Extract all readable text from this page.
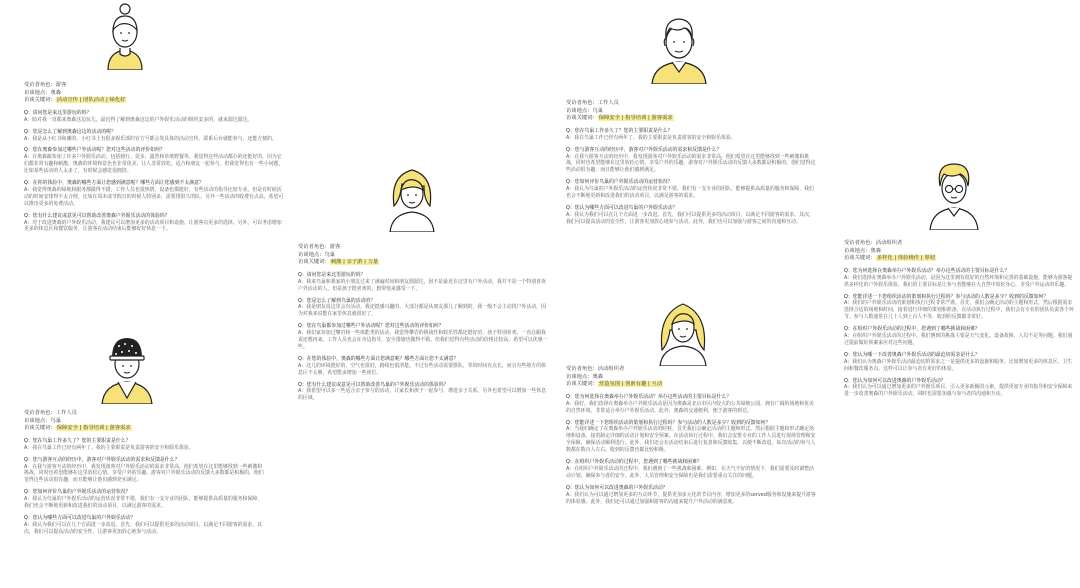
受访者角色：游客
访谈地点：奥森
访谈关键词：活动宣传 | 团队活动 | 绿化好
Q：请问您是来这里游玩的吗？
A：暗对我一直都来奥森这边玩儿，最近得了解到奥森这边的户外娱乐活动的组织安多的，就来溜达溜达。
Q：您是怎么了解到奥森这边的活动的呢？
A：我是从小红书和潮的。小红书上有很多娱乐部的官方号都会发具体的活动宣传，联系后台就能参与，还能方便的。
Q：您在奥森参加过哪些户外活动呢？您对这些活动的评价如何？
A：在奥森跟参加了许多户外娱乐活动，包括骑行、徒步、露营和草地野餐等。我觉得这些活动都办的还挺好的，因为它们都非常有趣和刺激，奥森的环境和景色也非常优美，让人非常放松，适合和朋友一起参与。但我觉得也有一些小问题，比如某些活动的人太多了，有时候会感觉很拥挤。
Q：在你的体验中，奥森的哪些方面让您感到满意呢？哪些方面让您感到不太满意？
A：我觉得奥森的绿地和服务都做得不错，工作人员也很热情，设备也都挺好，有些活动的指导比较专业。但是有时候活动的时间安排得不太合理，比如在周末或节假日的时候人特别多，需要排很久的队。另外一些活动的收费有点高，希望可以推出更多的免费活动。
Q：您有什么建议或意见可以帮助改善奥森户外娱乐活动的体验吗？
A：对于改进奥森的户外娱乐活动，我建议可以增加更多的活动项目和设施，让游客有更多的选择。另外，可以考虑增加更多的休息区和餐饮服务，让游客在活动结束后能够好好休息一下。
受访者角色：工作人员
访谈地点：鸟巢
访谈关键词：保障安全 | 指导培训 | 游客需求
Q：您在鸟巢工作多久了？您的主要职责是什么？
A：我在鸟巢工作已经有两年了。我的主要职责是负责游客的安全和娱乐体验。
Q：您与游客互动的经历中，游客对户外娱乐活动的需求和反馈是什么？
A：在我与游客互动的经历中，我发现游客对户外娱乐活动的需求非常高。他们希望在这里能够找到一些刺激和挑战，同时也希望能够在这里放松心情，享受户外的乐趣。游客对户外娱乐活动的反馈大多数都是积极的，他们觉得这些活动很有趣，而且能够让他们感到充实满足。
Q：您如何评价鸟巢的户外娱乐活动的运营状况？
A：我认为鸟巢的户外娱乐活动的运营状况非常不错，我们有一支专业的团队，能够提供高质量的服务和保障，我们也会不断地更新和改进我们的活动项目，以满足游客的需求。
Q：您认为哪些方面可以改进鸟巢的户外娱乐活动？
A：我认为我们可以在几个方面进一步改进。首先，我们可以提供更多的活动项目，以满足不同游客的需求。其次，我们可以提高活动的安全性，让游客更加放心地参与活动。
受访者角色：游客
访谈地点：鸟巢
访谈关键词：刺激 | 亲子游 | 力量
Q：请问您是来这里游玩的吗？
A：我来鸟巢和我家的小朋友过来了满遍时间和朋友溜溜达，因不是最近在这里有户外活动，我并不是一个特别喜欢户外活动的人，但是孩子挺喜欢的，想带他来感受一下。
Q：您是怎么了解到鸟巢的活动的？
A：我是朋友说这里会有活动，我还挺感兴趣的。大部分都是从朋友那儿了解到的，我一般不会主动找户外活动，因为对我来说能在家里休息就很好了。
Q：您在鸟巢都参加过哪些户外活动呢？您对这些活动的评价如何？
A：我们家参加过攀岩和一些体能类的活动，我觉得攀岩的挑战性和娱乐性都还挺好的，孩子特别喜欢，一直在跟我说还想再来。工作人员也会在旁边指导，安全措施也做得不错。但我们觉得有些活动的价格比较高，希望可以优惠一些。
Q：在您的体验中，奥森的哪些方面让您满意呢？哪些方面让您不太满意？
A：这儿的环境挺好的，空气也很好，路线也很清楚。不过有些活动需要排队，等的时间有点长，而且有些地方的休息区不太够，希望能多增加一些座位。
Q：您有什么建议或意见可以帮助改善鸟巢的户外娱乐活动的体验吗？
A：我希望可以多一些适合亲子参与的活动，让家长和孩子一起参与，增进亲子关系。另外也希望可以增加一些休息的区域。
受访者角色：工作人员
访谈地点：鸟巢
访谈关键词：保障安全 | 指导培训 | 游客需求
Q：您在鸟巢工作多久了？您的主要职责是什么？
A：我在鸟巢工作已经有两年了。我的主要职责是负责游客的安全和娱乐体验。
Q：您与游客互动的经历中，游客对户外娱乐活动的需求和反馈是什么？
A：在我与游客互动的经历中，我发现游客对户外娱乐活动的需求非常高。他们希望在这里能够找到一些刺激和挑战，同时也希望能够在这里放松心情，享受户外的乐趣。游客对户外娱乐活动的反馈大多数都是积极的，他们觉得这些活动很有趣，而且能够让他们感到满足。
Q：您如何评价鸟巢的户外娱乐活动的运营状况？
A：我认为鸟巢的户外娱乐活动的运营状况非常不错，我们有一支专业的团队，能够提供高质量的服务和保障，我们也会不断地更新和改进我们的活动项目，以满足游客的需求。
Q：您认为哪些方面可以改进鸟巢的户外娱乐活动？
A：我认为我们可以在几个方面进一步改进。首先，我们可以提供更多的活动项目，以满足不同游客的需求。其次，我们可以提高活动的安全性，让游客更加放心地参与活动。此外，我们也可以加强与游客之间的沟通和互动。
受访者角色：活动组织者
访谈地点：奥森
访谈关键词：营造氛围 | 创新有趣 | 互动
Q：您为何选择在奥森举办户外娱乐活动？举办这些活动的主要目标是什么？
A：我好，我们选择在奥森举办户外娱乐活动是因为奥森是北京市区内较大的公共绿地公园，拥有广阔的场地和优美的自然环境，非常适合举办户外娱乐活动。此外，奥森的交通便利，便于游客的到达。
Q：您能详述一下您组织活动的策划和执行过程吗？参与活动的人数是多少？收到的反馈如何？
A：当我们确定了在奥森举办户外娱乐活动的时候，首先我们会确定活动的主题和形式，然后根据主题和形式确定场地和设备，接着制定详细的活动计划和安全预案。在活动执行过程中，我们会安排专业的工作人员进行现场管理和安全保障，确保活动顺利进行。此外，我们还会在活动结束后进行复盘和反馈收集，以便不断改进。每次活动的参与人数都在数百人左右，收到的反馈也都比较积极。
Q：在组织户外娱乐活动的过程中，您遇到了哪些挑战和困难？
A：在组织户外娱乐活动的过程中，我们遇到了一些挑战和困难。例如，在天气不好的情况下，我们需要及时调整活动计划，确保参与者的安全。此外，人员管理和安全保障也是我们需要重点关注的问题。
Q：您认为如何可以改进奥森的户外娱乐活动？
A：我们认为可以通过增加更多的互动环节，提供更加多元化的节目内容，增加更多的served服务和设施来提升游客的体验感。此外，我们还可以通过加强和游客的沟通来提升户外活动的满意度。
受访者角色：活动组织者
访谈地点：奥森
访谈关键词：多样化 | 体验极佳 | 筹划
Q：您为何选择在奥森举办户外娱乐活动？举办这些活动的主要目标是什么？
A：我们选择在奥森举办户外娱乐活动，是因为这里拥有很好的自然环境和完善的基础设施，能够为游客提供多样化的户外娱乐体验。我们的主要目标是让参与者能够在大自然中放松身心，享受户外运动的乐趣。
Q：您能详述一下您组织活动的策划和执行过程吗？参与活动的人数是多少？收到的反馈如何？
A：我们的户外娱乐活动的策划和执行过程非常严谨。首先，我们会确定活动的主题和形式，然后根据需求选择合适的场地和时间，接着进行详细的策划和准备。在活动执行过程中，我们会有专业的团队负责各个环节。参与人数通常在几十人到上百人不等，收到的反馈都非常好。
Q：在组织户外娱乐活动的过程中，您遇到了哪些挑战和困难？
A：在组织户外娱乐活动的过程中，我们遇到的挑战主要是天气变化、设备故障、人员不足等问题。我们通过提前做好预案来应对这些问题。
Q：您认为哪一下改善奥森户外娱乐活动的最迫切需求是什么？
A：我们认为奥森户外娱乐活动最迫切的需求之一是提供更多的设施和服务。比如增加更多的休息区、卫生间和餐饮服务点，这样可以让参与者有更好的体验。
Q：您认为如何可以改进奥森的户外娱乐活动？
A：我们认为可以通过增加更多的户外娱乐项目，引入更多新颖的元素，提供更加专业的指导和安全保障来进一步改善奥森的户外娱乐活动。同时也需要加强与参与者的沟通和互动。
